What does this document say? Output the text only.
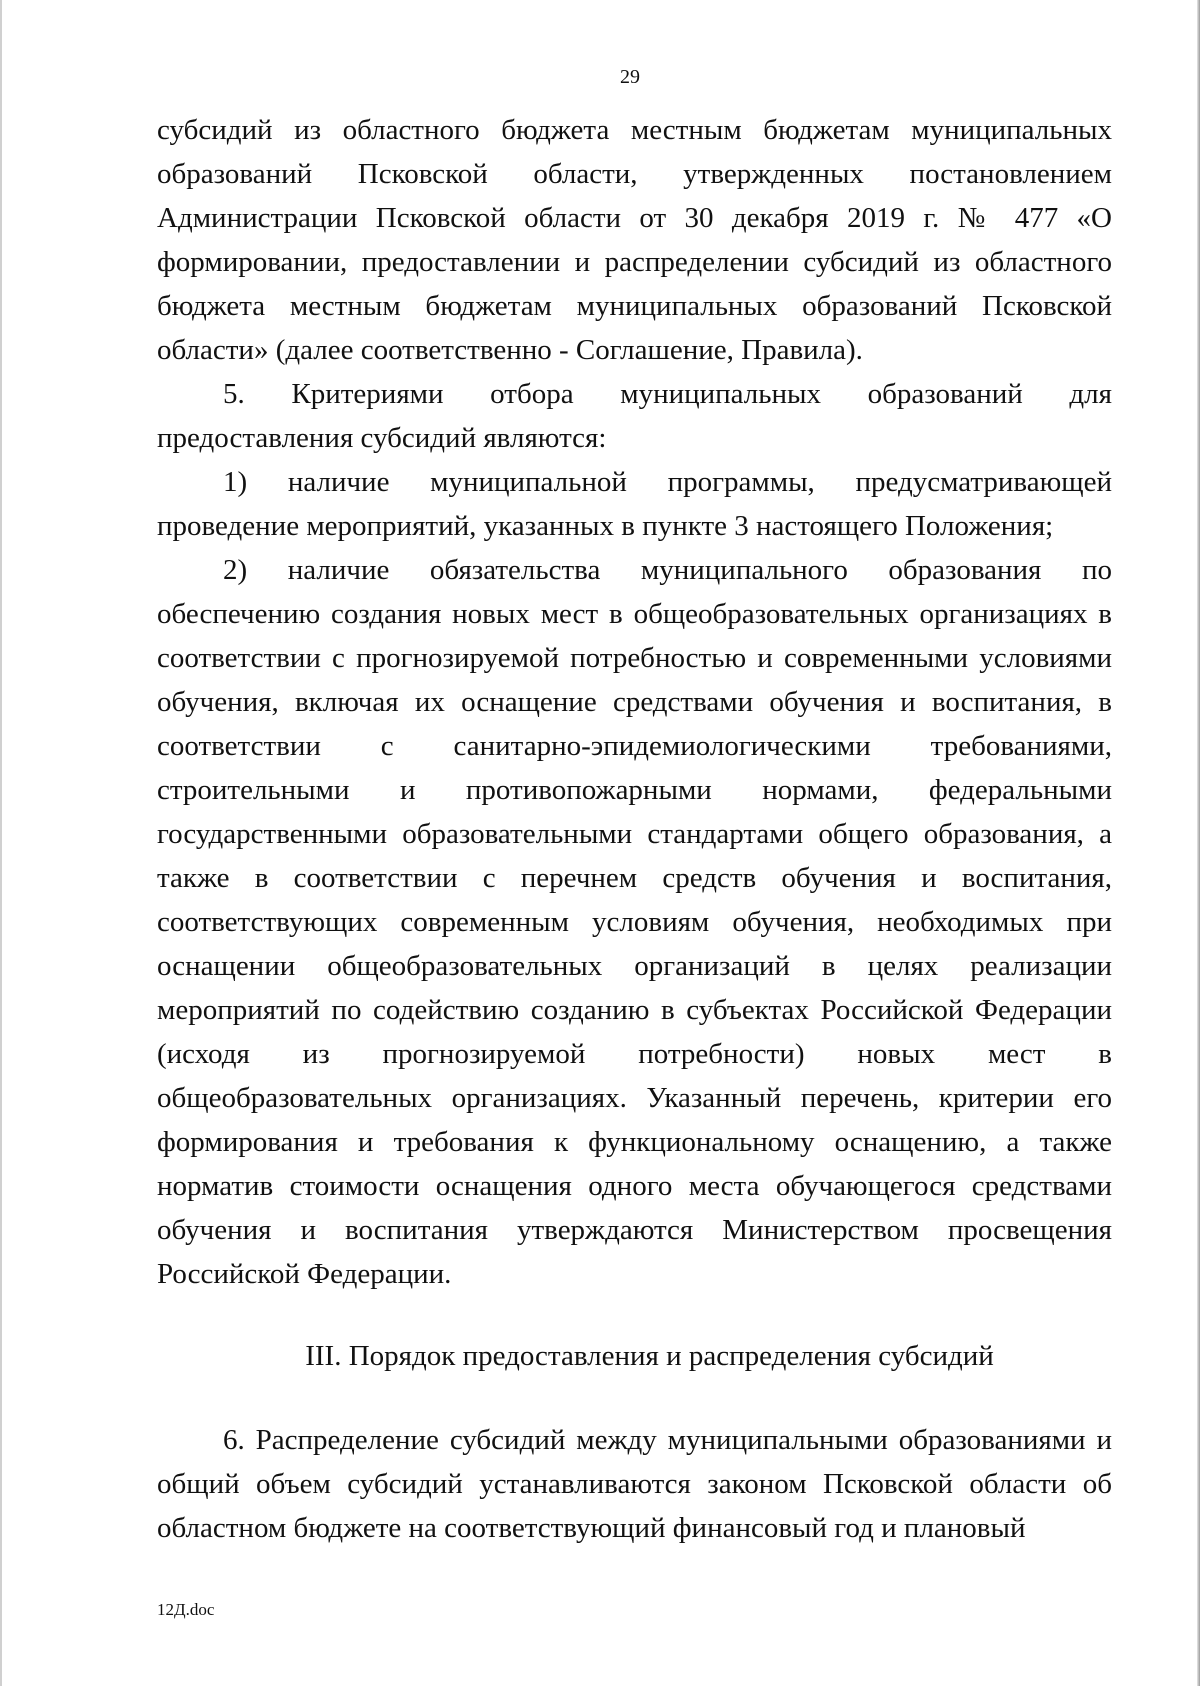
29

субсидий из областного бюджета местным бюджетам муниципальных образований Псковской области, утвержденных постановлением Администрации Псковской области от 30 декабря 2019 г. № 477 «О формировании, предоставлении и распределении субсидий из областного бюджета местным бюджетам муниципальных образований Псковской области» (далее соответственно - Соглашение, Правила).

5. Критериями отбора муниципальных образований для предоставления субсидий являются:

1) наличие муниципальной программы, предусматривающей проведение мероприятий, указанных в пункте 3 настоящего Положения;

2) наличие обязательства муниципального образования по обеспечению создания новых мест в общеобразовательных организациях в соответствии с прогнозируемой потребностью и современными условиями обучения, включая их оснащение средствами обучения и воспитания, в соответствии с санитарно-эпидемиологическими требованиями, строительными и противопожарными нормами, федеральными государственными образовательными стандартами общего образования, а также в соответствии с перечнем средств обучения и воспитания, соответствующих современным условиям обучения, необходимых при оснащении общеобразовательных организаций в целях реализации мероприятий по содействию созданию в субъектах Российской Федерации (исходя из прогнозируемой потребности) новых мест в общеобразовательных организациях. Указанный перечень, критерии его формирования и требования к функциональному оснащению, а также норматив стоимости оснащения одного места обучающегося средствами обучения и воспитания утверждаются Министерством просвещения Российской Федерации.

III. Порядок предоставления и распределения субсидий

6. Распределение субсидий между муниципальными образованиями и общий объем субсидий устанавливаются законом Псковской области об областном бюджете на соответствующий финансовый год и плановый

12Д.doc
